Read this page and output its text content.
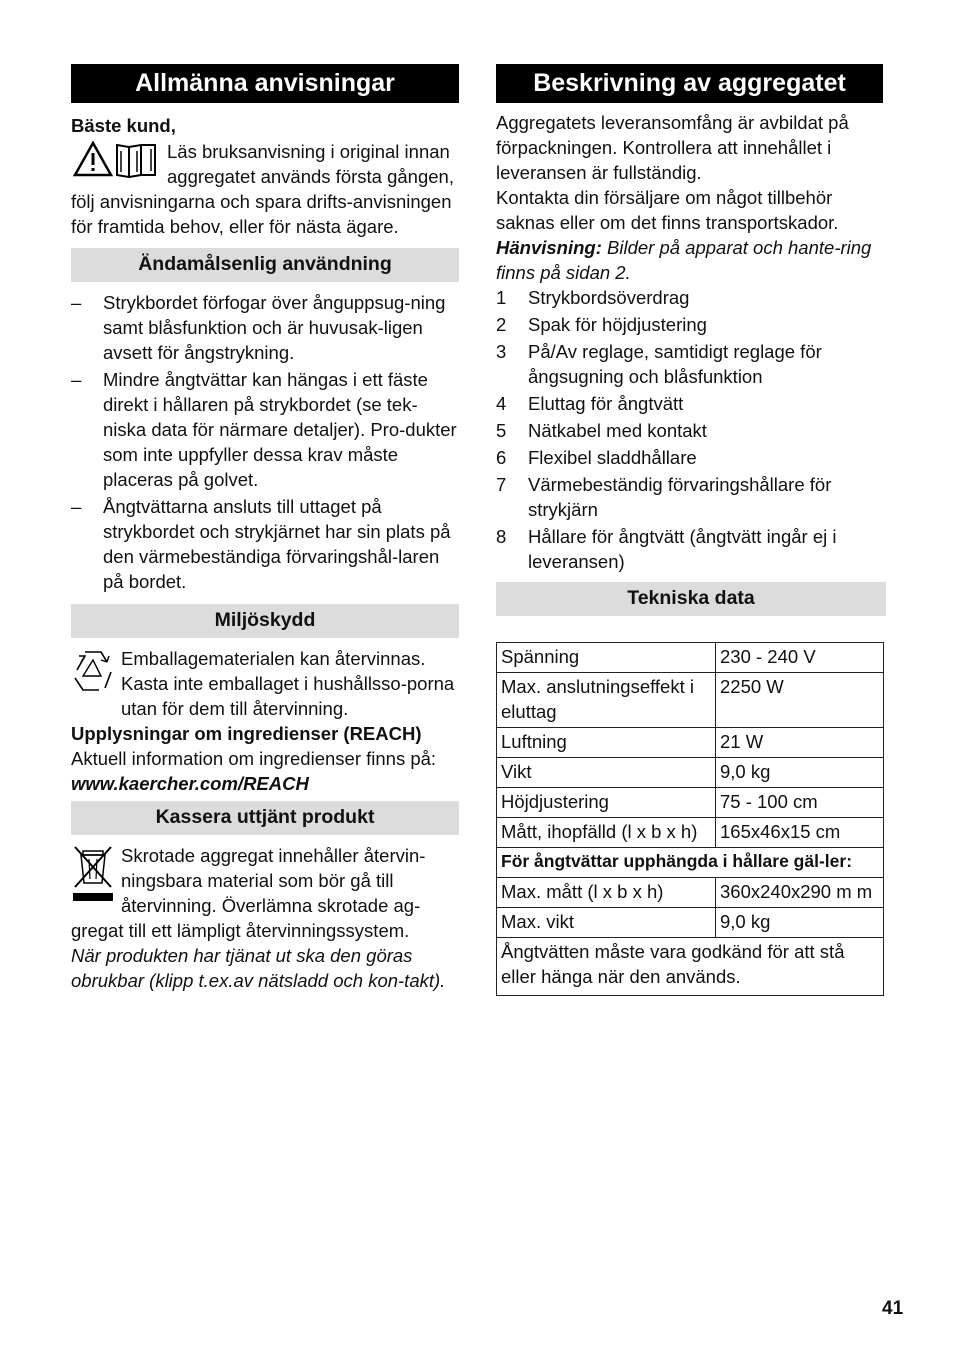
Allmänna anvisningar

Bäste kund,

Läs bruksanvisning i original innan aggregatet används första gången, följ anvisningarna och spara drifts-anvisningen för framtida behov, eller för nästa ägare.

Ändamålsenlig användning
– Strykbordet förfogar över ånguppsug-ning samt blåsfunktion och är huvusak-ligen avsett för ångstrykning.
– Mindre ångtvättar kan hängas i ett fäste direkt i hållaren på strykbordet (se tek-niska data för närmare detaljer). Pro-dukter som inte uppfyller dessa krav måste placeras på golvet.
– Ångtvättarna ansluts till uttaget på strykbordet och strykjärnet har sin plats på den värmebeständiga förvaringshål-laren på bordet.
Miljöskydd

Emballagematerialen kan återvinnas. Kasta inte emballaget i hushållsso-porna utan för dem till återvinning.

Upplysningar om ingredienser (REACH)

Aktuell information om ingredienser finns på:

www.kaercher.com/REACH

Kassera uttjänt produkt

Skrotade aggregat innehåller återvin-ningsbara material som bör gå till återvinning. Överlämna skrotade ag-gregat till ett lämpligt återvinningssystem.

När produkten har tjänat ut ska den göras obrukbar (klipp t.ex.av nätsladd och kon-takt).

Beskrivning av aggregatet

Aggregatets leveransomfång är avbildat på förpackningen. Kontrollera att innehållet i leveransen är fullständig.

Kontakta din försäljare om något tillbehör saknas eller om det finns transportskador.

Hänvisning: Bilder på apparat och hante-ring finns på sidan 2.

1 Strykbordsöverdrag
2 Spak för höjdjustering
3 På/Av reglage, samtidigt reglage för ångsugning och blåsfunktion
4 Eluttag för ångtvätt
5 Nätkabel med kontakt
6 Flexibel sladdhållare
7 Värmebeständig förvaringshållare för strykjärn
8 Hållare för ångtvätt (ångtvätt ingår ej i leveransen)
Tekniska data
Spänning	230 - 240 V
Max. anslutningseffekt i eluttag	2250 W
Luftning	21 W
Vikt	9,0 kg
Höjdjustering	75 - 100 cm
Mått, ihopfälld (l x b x h)	165x46x15 cm
För ångtvättar upphängda i hållare gäl-ler:	
Max. mått (l x b x h)	360x240x290 m m
Max. vikt	9,0 kg
Ångtvätten måste vara godkänd för att stå eller hänga när den används.	
41
